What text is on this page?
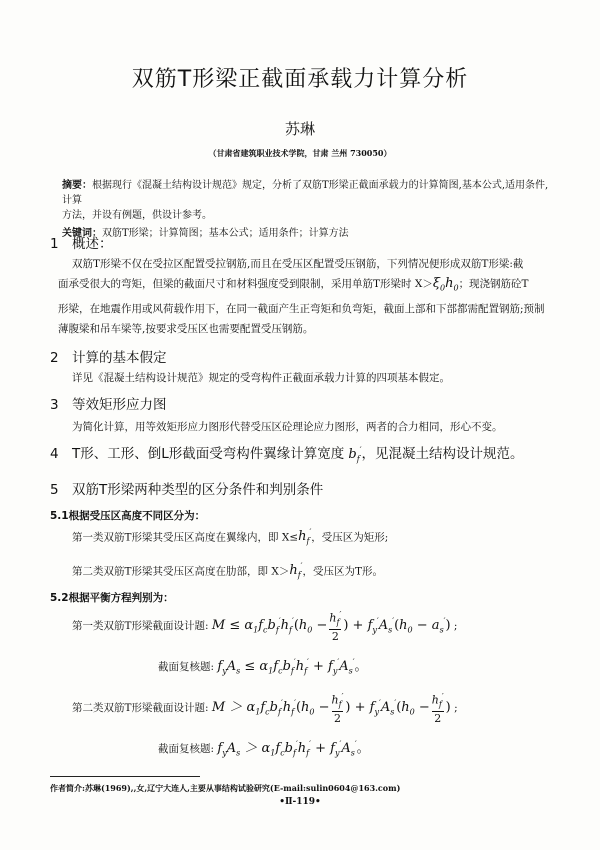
双筋T形梁正截面承载力计算分析
苏琳
（甘肃省建筑职业技术学院，甘肃 兰州 730050）
摘要：根据现行《混凝土结构设计规范》规定，分析了双筋T形梁正截面承载力的计算简图,基本公式,适用条件,计算
方法，并设有例题，供设计参考。
关键词：双筋T形梁；计算简图；基本公式；适用条件；计算方法
1 概述：

双筋T形梁不仅在受拉区配置受拉钢筋,而且在受压区配置受压钢筋，下列情况便形成双筋T形梁:截

面承受很大的弯矩，但梁的截面尺寸和材料强度受到限制，采用单筋T形梁时 $X>\xi_0h_0$；现浇钢筋砼T
形梁，在地震作用或风荷载作用下，在同一截面产生正弯矩和负弯矩，截面上部和下部都需配置钢筋;预制
薄腹梁和吊车梁等,按要求受压区也需要配置受压钢筋。
2 计算的基本假定
详见《混凝土结构设计规范》规定的受弯构件正截面承载力计算的四项基本假定。
3 等效矩形应力图
为简化计算，用等效矩形应力图形代替受压区砼理论应力图形，两者的合力相同，形心不变。
4 T形、工形、倒L形截面受弯构件翼缘计算宽度 $b_f'$，见混凝土结构设计规范。
5 双筋T形梁两种类型的区分条件和判别条件
5.1根据受压区高度不同区分为：
第一类双筋T形梁其受压区高度在翼缘内，即 $X\le h_f'$，受压区为矩形;
第二类双筋T形梁其受压区高度在肋部，即 $X>h_f'$，受压区为T形。
5.2根据平衡方程判别为：
第一类双筋T形梁截面设计题: $M \le \alpha_1f_cb_f'h_f'(h_0 - \frac{h_f'}{2}$ ) + $f_y'A_s'(h_0 - a_s')$ ;
截面复核题: $f_yA_s \le \alpha_1f_cb_f'h_f' + f_y'A_s'$。
第二类双筋T形梁截面设计题: $M > \alpha_1f_cb_f'h_f'(h_0 - \frac{h_f'}{2}$ ) + $f_y'A_s'(h_0 - \frac{h_f'}{2}$ ) ;
截面复核题: $f_yA_s > \alpha_1f_cb_f'h_f' + f_y'A_s'$。
作者简介:苏琳(1969),,女,辽宁大连人,主要从事结构试验研究(E-mail:sulin0604@163.com)
•Ⅱ-119•
